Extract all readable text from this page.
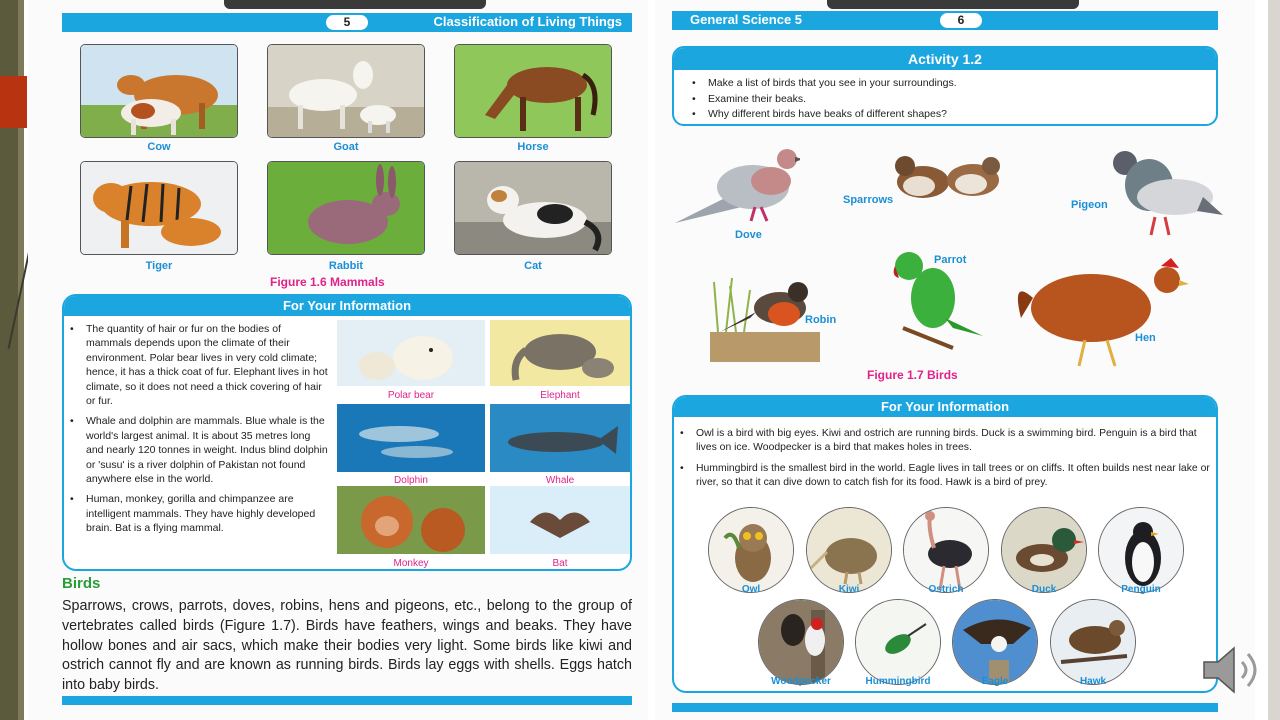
5	Classification of Living Things
Cow	Goat	Horse
Tiger	Rabbit	Cat
Figure 1.6 Mammals
For Your Information
• The quantity of hair or fur on the bodies of mammals depends upon the climate of their environment. Polar bear lives in very cold climate; hence, it has a thick coat of fur. Elephant lives in hot climate, so it does not need a thick covering of hair or fur.
• Whale and dolphin are mammals. Blue whale is the world's largest animal. It is about 35 metres long and nearly 120 tonnes in weight. Indus blind dolphin or 'susu' is a river dolphin of Pakistan not found anywhere else in the world.
• Human, monkey, gorilla and chimpanzee are intelligent mammals. They have highly developed brain. Bat is a flying mammal.
Polar bear	Elephant
Dolphin	Whale
Monkey	Bat
Birds

Sparrows, crows, parrots, doves, robins, hens and pigeons, etc., belong to the group of vertebrates called birds (Figure 1.7). Birds have feathers, wings and beaks. They have hollow bones and air sacs, which make their bodies very light. Some birds like kiwi and ostrich cannot fly and are known as running birds. Birds lay eggs with shells. Eggs hatch into baby birds.

General Science 5	6
Activity 1.2
• Make a list of birds that you see in your surroundings.
• Examine their beaks.
• Why different birds have beaks of different shapes?
Dove
Sparrows	Pigeon
Robin
Parrot
Hen
Figure 1.7 Birds
For Your Information
• Owl is a bird with big eyes. Kiwi and ostrich are running birds. Duck is a swimming bird. Penguin is a bird that lives on ice. Woodpecker is a bird that makes holes in trees.
• Hummingbird is the smallest bird in the world. Eagle lives in tall trees or on cliffs. It often builds nest near lake or river, so that it can dive down to catch fish for its food. Hawk is a bird of prey.
Owl	Kiwi	Ostrich	Duck	Penguin
Woodpecker	Hummingbird	Eagle	Hawk
